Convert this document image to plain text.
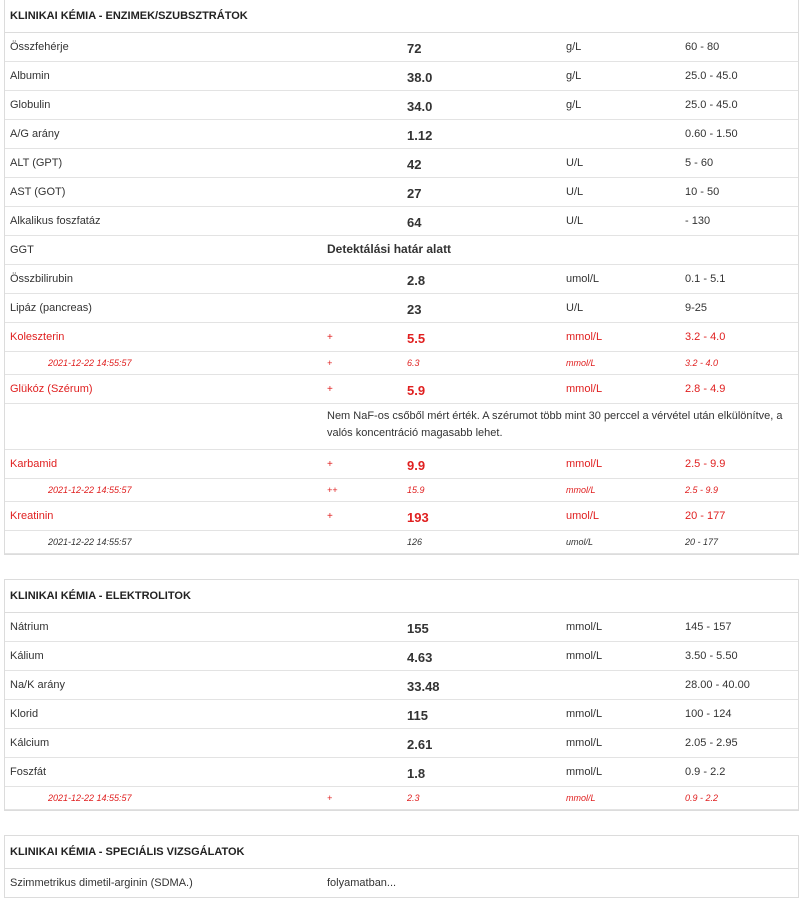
KLINIKAI KÉMIA - ENZIMEK/SZUBSZTRÁTOK
Összfehérje	72	g/L	60 - 80
Albumin	38.0	g/L	25.0 - 45.0
Globulin	34.0	g/L	25.0 - 45.0
A/G arány	1.12	0.60 - 1.50
ALT (GPT)	42	U/L	5 - 60
AST (GOT)	27	U/L	10 - 50
Alkalikus foszfatáz	64	U/L	- 130
GGT	Detektálási határ alatt
Összbilirubin	2.8	umol/L	0.1 - 5.1
Lipáz (pancreas)	23	U/L	9-25
Koleszterin	+	5.5	mmol/L	3.2 - 4.0
2021-12-22 14:55:57	+	6.3	mmol/L	3.2 - 4.0
Glükóz (Szérum)	+	5.9	mmol/L	2.8 - 4.9
Nem NaF-os csőből mért érték. A szérumot több mint 30 perccel a vérvétel után elkülönítve, a valós koncentráció magasabb lehet.
Karbamid	+	9.9	mmol/L	2.5 - 9.9
2021-12-22 14:55:57	++	15.9	mmol/L	2.5 - 9.9
Kreatinin	+	193	umol/L	20 - 177
2021-12-22 14:55:57	126	umol/L	20 - 177
KLINIKAI KÉMIA - ELEKTROLITOK
Nátrium	155	mmol/L	145 - 157
Kálium	4.63	mmol/L	3.50 - 5.50
Na/K arány	33.48	28.00 - 40.00
Klorid	115	mmol/L	100 - 124
Kálcium	2.61	mmol/L	2.05 - 2.95
Foszfát	1.8	mmol/L	0.9 - 2.2
2021-12-22 14:55:57	+	2.3	mmol/L	0.9 - 2.2
KLINIKAI KÉMIA - SPECIÁLIS VIZSGÁLATOK
Szimmetrikus dimetil-arginin (SDMA.)	folyamatban...
